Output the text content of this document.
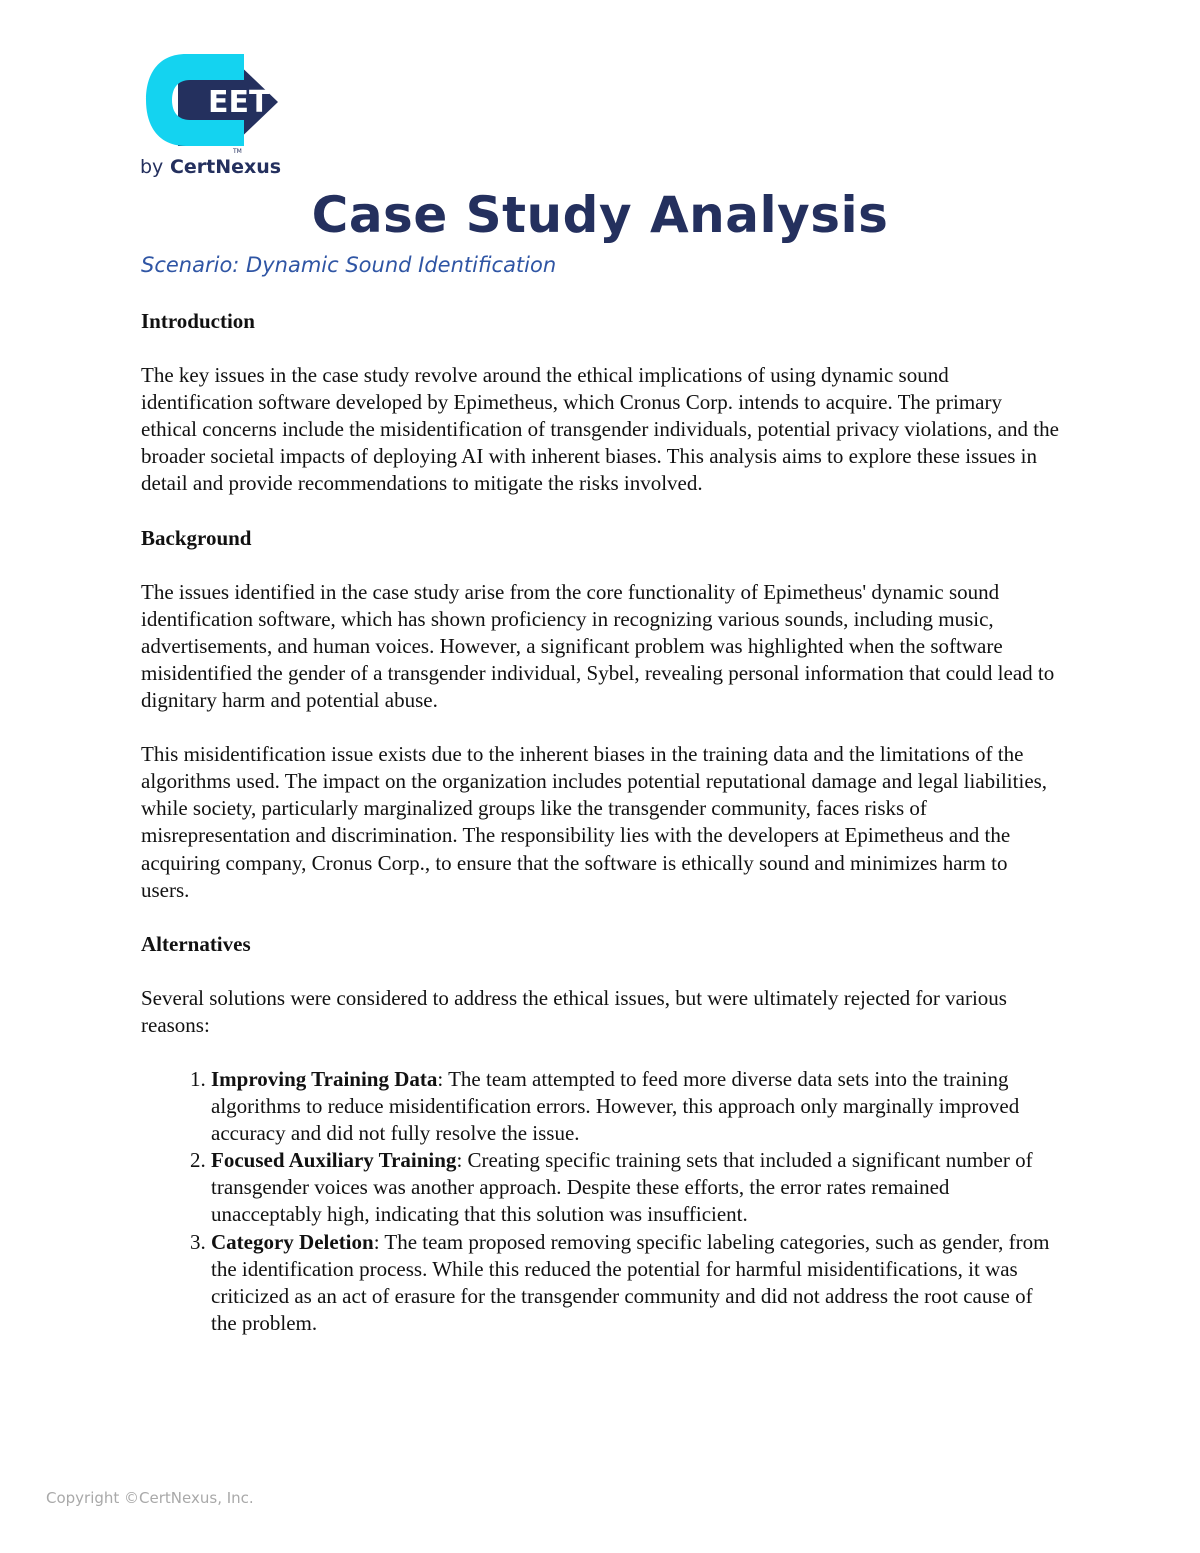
EET
TM
by CertNexus
Case Study Analysis
Scenario: Dynamic Sound Identification
Introduction

The key issues in the case study revolve around the ethical implications of using dynamic sound identification software developed by Epimetheus, which Cronus Corp. intends to acquire. The primary ethical concerns include the misidentification of transgender individuals, potential privacy violations, and the broader societal impacts of deploying AI with inherent biases. This analysis aims to explore these issues in detail and provide recommendations to mitigate the risks involved.

Background

The issues identified in the case study arise from the core functionality of Epimetheus' dynamic sound identification software, which has shown proficiency in recognizing various sounds, including music, advertisements, and human voices. However, a significant problem was highlighted when the software misidentified the gender of a transgender individual, Sybel, revealing personal information that could lead to dignitary harm and potential abuse.

This misidentification issue exists due to the inherent biases in the training data and the limitations of the algorithms used. The impact on the organization includes potential reputational damage and legal liabilities, while society, particularly marginalized groups like the transgender community, faces risks of misrepresentation and discrimination. The responsibility lies with the developers at Epimetheus and the acquiring company, Cronus Corp., to ensure that the software is ethically sound and minimizes harm to users.

Alternatives

Several solutions were considered to address the ethical issues, but were ultimately rejected for various reasons:

1. Improving Training Data: The team attempted to feed more diverse data sets into the training algorithms to reduce misidentification errors. However, this approach only marginally improved accuracy and did not fully resolve the issue.
2. Focused Auxiliary Training: Creating specific training sets that included a significant number of transgender voices was another approach. Despite these efforts, the error rates remained unacceptably high, indicating that this solution was insufficient.
3. Category Deletion: The team proposed removing specific labeling categories, such as gender, from the identification process. While this reduced the potential for harmful misidentifications, it was criticized as an act of erasure for the transgender community and did not address the root cause of the problem.
Copyright ©CertNexus, Inc.
